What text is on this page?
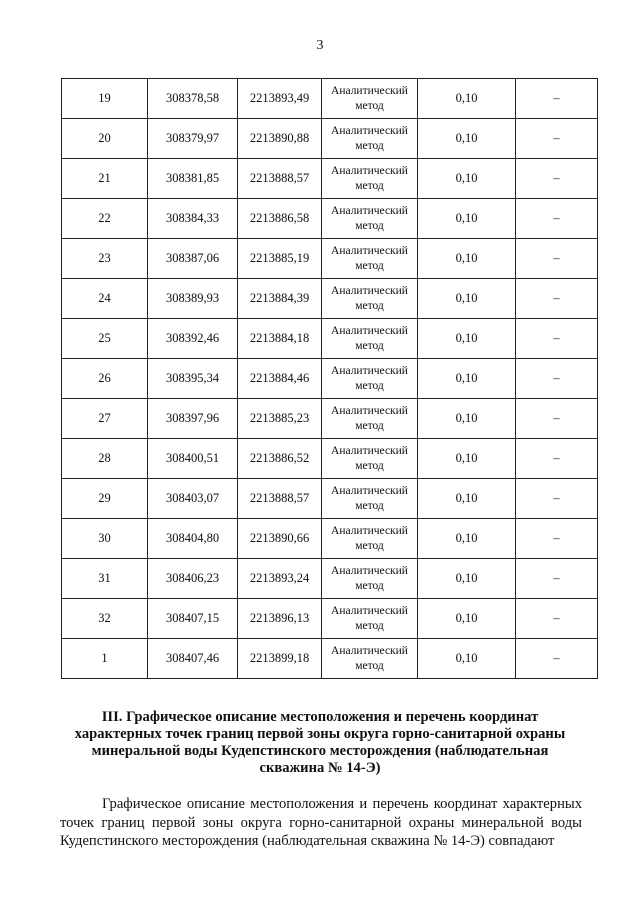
3
19	308378,58	2213893,49	Аналитический метод	0,10	–
20	308379,97	2213890,88	Аналитический метод	0,10	–
21	308381,85	2213888,57	Аналитический метод	0,10	–
22	308384,33	2213886,58	Аналитический метод	0,10	–
23	308387,06	2213885,19	Аналитический метод	0,10	–
24	308389,93	2213884,39	Аналитический метод	0,10	–
25	308392,46	2213884,18	Аналитический метод	0,10	–
26	308395,34	2213884,46	Аналитический метод	0,10	–
27	308397,96	2213885,23	Аналитический метод	0,10	–
28	308400,51	2213886,52	Аналитический метод	0,10	–
29	308403,07	2213888,57	Аналитический метод	0,10	–
30	308404,80	2213890,66	Аналитический метод	0,10	–
31	308406,23	2213893,24	Аналитический метод	0,10	–
32	308407,15	2213896,13	Аналитический метод	0,10	–
1	308407,46	2213899,18	Аналитический метод	0,10	–
III. Графическое описание местоположения и перечень координат характерных точек границ первой зоны округа горно-санитарной охраны минеральной воды Кудепстинского месторождения (наблюдательная скважина № 14-Э)
Графическое описание местоположения и перечень координат характерных
точек границ первой зоны округа горно-санитарной охраны минеральной воды Кудепстинского месторождения (наблюдательная скважина № 14-Э) совпадают
